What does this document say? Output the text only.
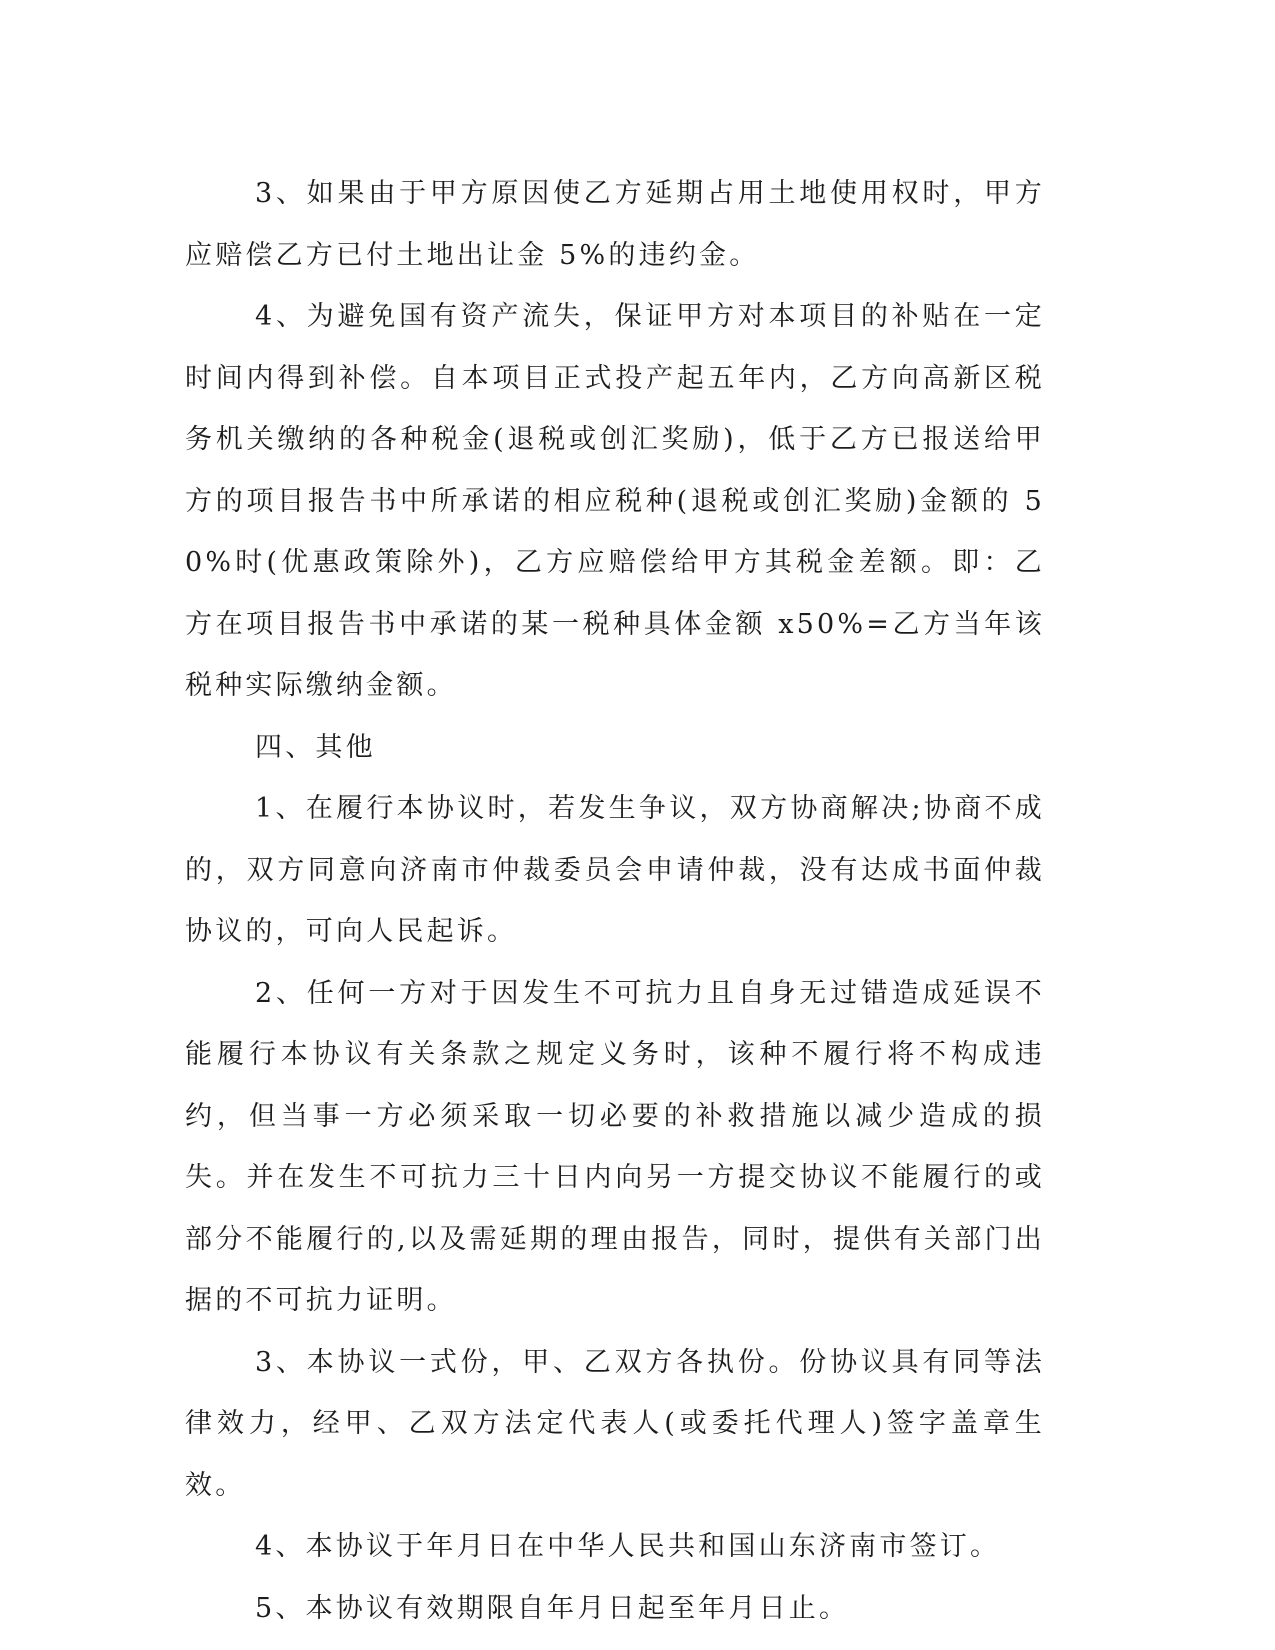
3、如果由于甲方原因使乙方延期占用土地使用权时，甲方应赔偿乙方已付土地出让金 5%的违约金。

4、为避免国有资产流失，保证甲方对本项目的补贴在一定时间内得到补偿。自本项目正式投产起五年内，乙方向高新区税务机关缴纳的各种税金(退税或创汇奖励)，低于乙方已报送给甲方的项目报告书中所承诺的相应税种(退税或创汇奖励)金额的 50%时(优惠政策除外)，乙方应赔偿给甲方其税金差额。即：乙方在项目报告书中承诺的某一税种具体金额 x50%=乙方当年该税种实际缴纳金额。

四、其他

1、在履行本协议时，若发生争议，双方协商解决;协商不成的，双方同意向济南市仲裁委员会申请仲裁，没有达成书面仲裁协议的，可向人民起诉。

2、任何一方对于因发生不可抗力且自身无过错造成延误不能履行本协议有关条款之规定义务时，该种不履行将不构成违约，但当事一方必须采取一切必要的补救措施以减少造成的损失。并在发生不可抗力三十日内向另一方提交协议不能履行的或部分不能履行的,以及需延期的理由报告，同时，提供有关部门出据的不可抗力证明。

3、本协议一式份，甲、乙双方各执份。份协议具有同等法律效力，经甲、乙双方法定代表人(或委托代理人)签字盖章生效。

4、本协议于年月日在中华人民共和国山东济南市签订。

5、本协议有效期限自年月日起至年月日止。
